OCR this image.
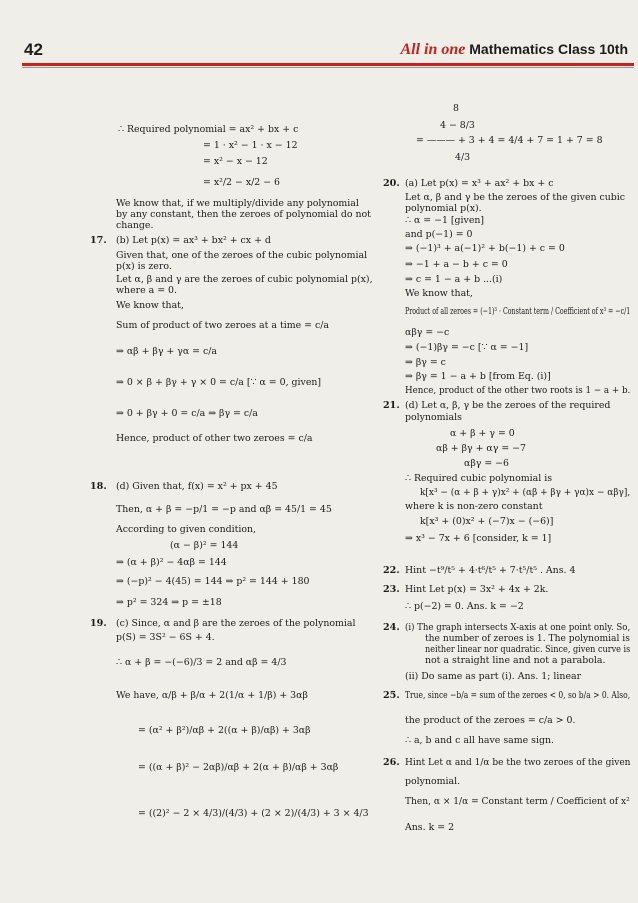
42	All in one Mathematics Class 10th
∴ Required polynomial = ax² + bx + c
= 1 · x² − 1 · x − 12
= x² − x − 12
= x²/2 − x/2 − 6
We know that, if we multiply/divide any polynomial
by any constant, then the zeroes of polynomial do not
change.
(b) Let p(x) = ax³ + bx² + cx + d
Given that, one of the zeroes of the cubic polynomial
p(x) is zero.
Let α, β and γ are the zeroes of cubic polynomial p(x),
where a = 0.
We know that,
Sum of product of two zeroes at a time = c/a
⇒ αβ + βγ + γα = c/a
⇒ 0 × β + βγ + γ × 0 = c/a [∵ α = 0, given]
⇒ 0 + βγ + 0 = c/a ⇒ βγ = c/a
Hence, product of other two zeroes = c/a
(d) Given that, f(x) = x² + px + 45
Then, α + β = −p/1 = −p and αβ = 45/1 = 45
According to given condition,
(α − β)² = 144
⇒ (α + β)² − 4αβ = 144
⇒ (−p)² − 4(45) = 144 ⇒ p² = 144 + 180
⇒ p² = 324 ⇒ p = ±18
(c) Since, α and β are the zeroes of the polynomial
p(S) = 3S² − 6S + 4.
∴ α + β = −(−6)/3 = 2 and αβ = 4/3
We have, α/β + β/α + 2(1/α + 1/β) + 3αβ
= (α² + β²)/αβ + 2((α + β)/αβ) + 3αβ
= ((α + β)² − 2αβ)/αβ + 2(α + β)/αβ + 3αβ
= ((2)² − 2 × 4/3)/(4/3) + (2 × 2)/(4/3) + 3 × 4/3
8
4 − 8/3
= ——— + 3 + 4 = 4/4 + 7 = 1 + 7 = 8
4/3
(a) Let p(x) = x³ + ax² + bx + c
Let α, β and γ be the zeroes of the given cubic
polynomial p(x).
∴ α = −1 [given]
and p(−1) = 0
⇒ (−1)³ + a(−1)² + b(−1) + c = 0
⇒ −1 + a − b + c = 0
⇒ c = 1 − a + b ...(i)
We know that,
Product of all zeroes = (−1)³ · Constant term / Coefficient of x³ = −c/1
αβγ = −c
⇒ (−1)βγ = −c [∵ α = −1]
⇒ βγ = c
⇒ βγ = 1 − a + b [from Eq. (i)]
Hence, product of the other two roots is 1 − a + b.
(d) Let α, β, γ be the zeroes of the required
polynomials
α + β + γ = 0
αβ + βγ + αγ = −7
αβγ = −6
∴ Required cubic polynomial is
k[x³ − (α + β + γ)x² + (αβ + βγ + γα)x − αβγ],
where k is non-zero constant
k[x³ + (0)x² + (−7)x − (−6)]
⇒ x³ − 7x + 6 [consider, k = 1]
Hint −t⁹/t⁵ + 4·t⁶/t⁵ + 7·t⁵/t⁵ . Ans. 4
Hint Let p(x) = 3x² + 4x + 2k.
∴ p(−2) = 0. Ans. k = −2
(i) The graph intersects X-axis at one point only. So,
the number of zeroes is 1. The polynomial is
neither linear nor quadratic. Since, given curve is
not a straight line and not a parabola.
(ii) Do same as part (i). Ans. 1; linear
True, since −b/a = sum of the zeroes < 0, so b/a > 0. Also,
the product of the zeroes = c/a > 0.
∴ a, b and c all have same sign.
Hint Let α and 1/α be the two zeroes of the given
polynomial.
Then, α × 1/α = Constant term / Coefficient of x²
Ans. k = 2
17.
18.
19.
20.
21.
22.
23.
24.
25.
26.
